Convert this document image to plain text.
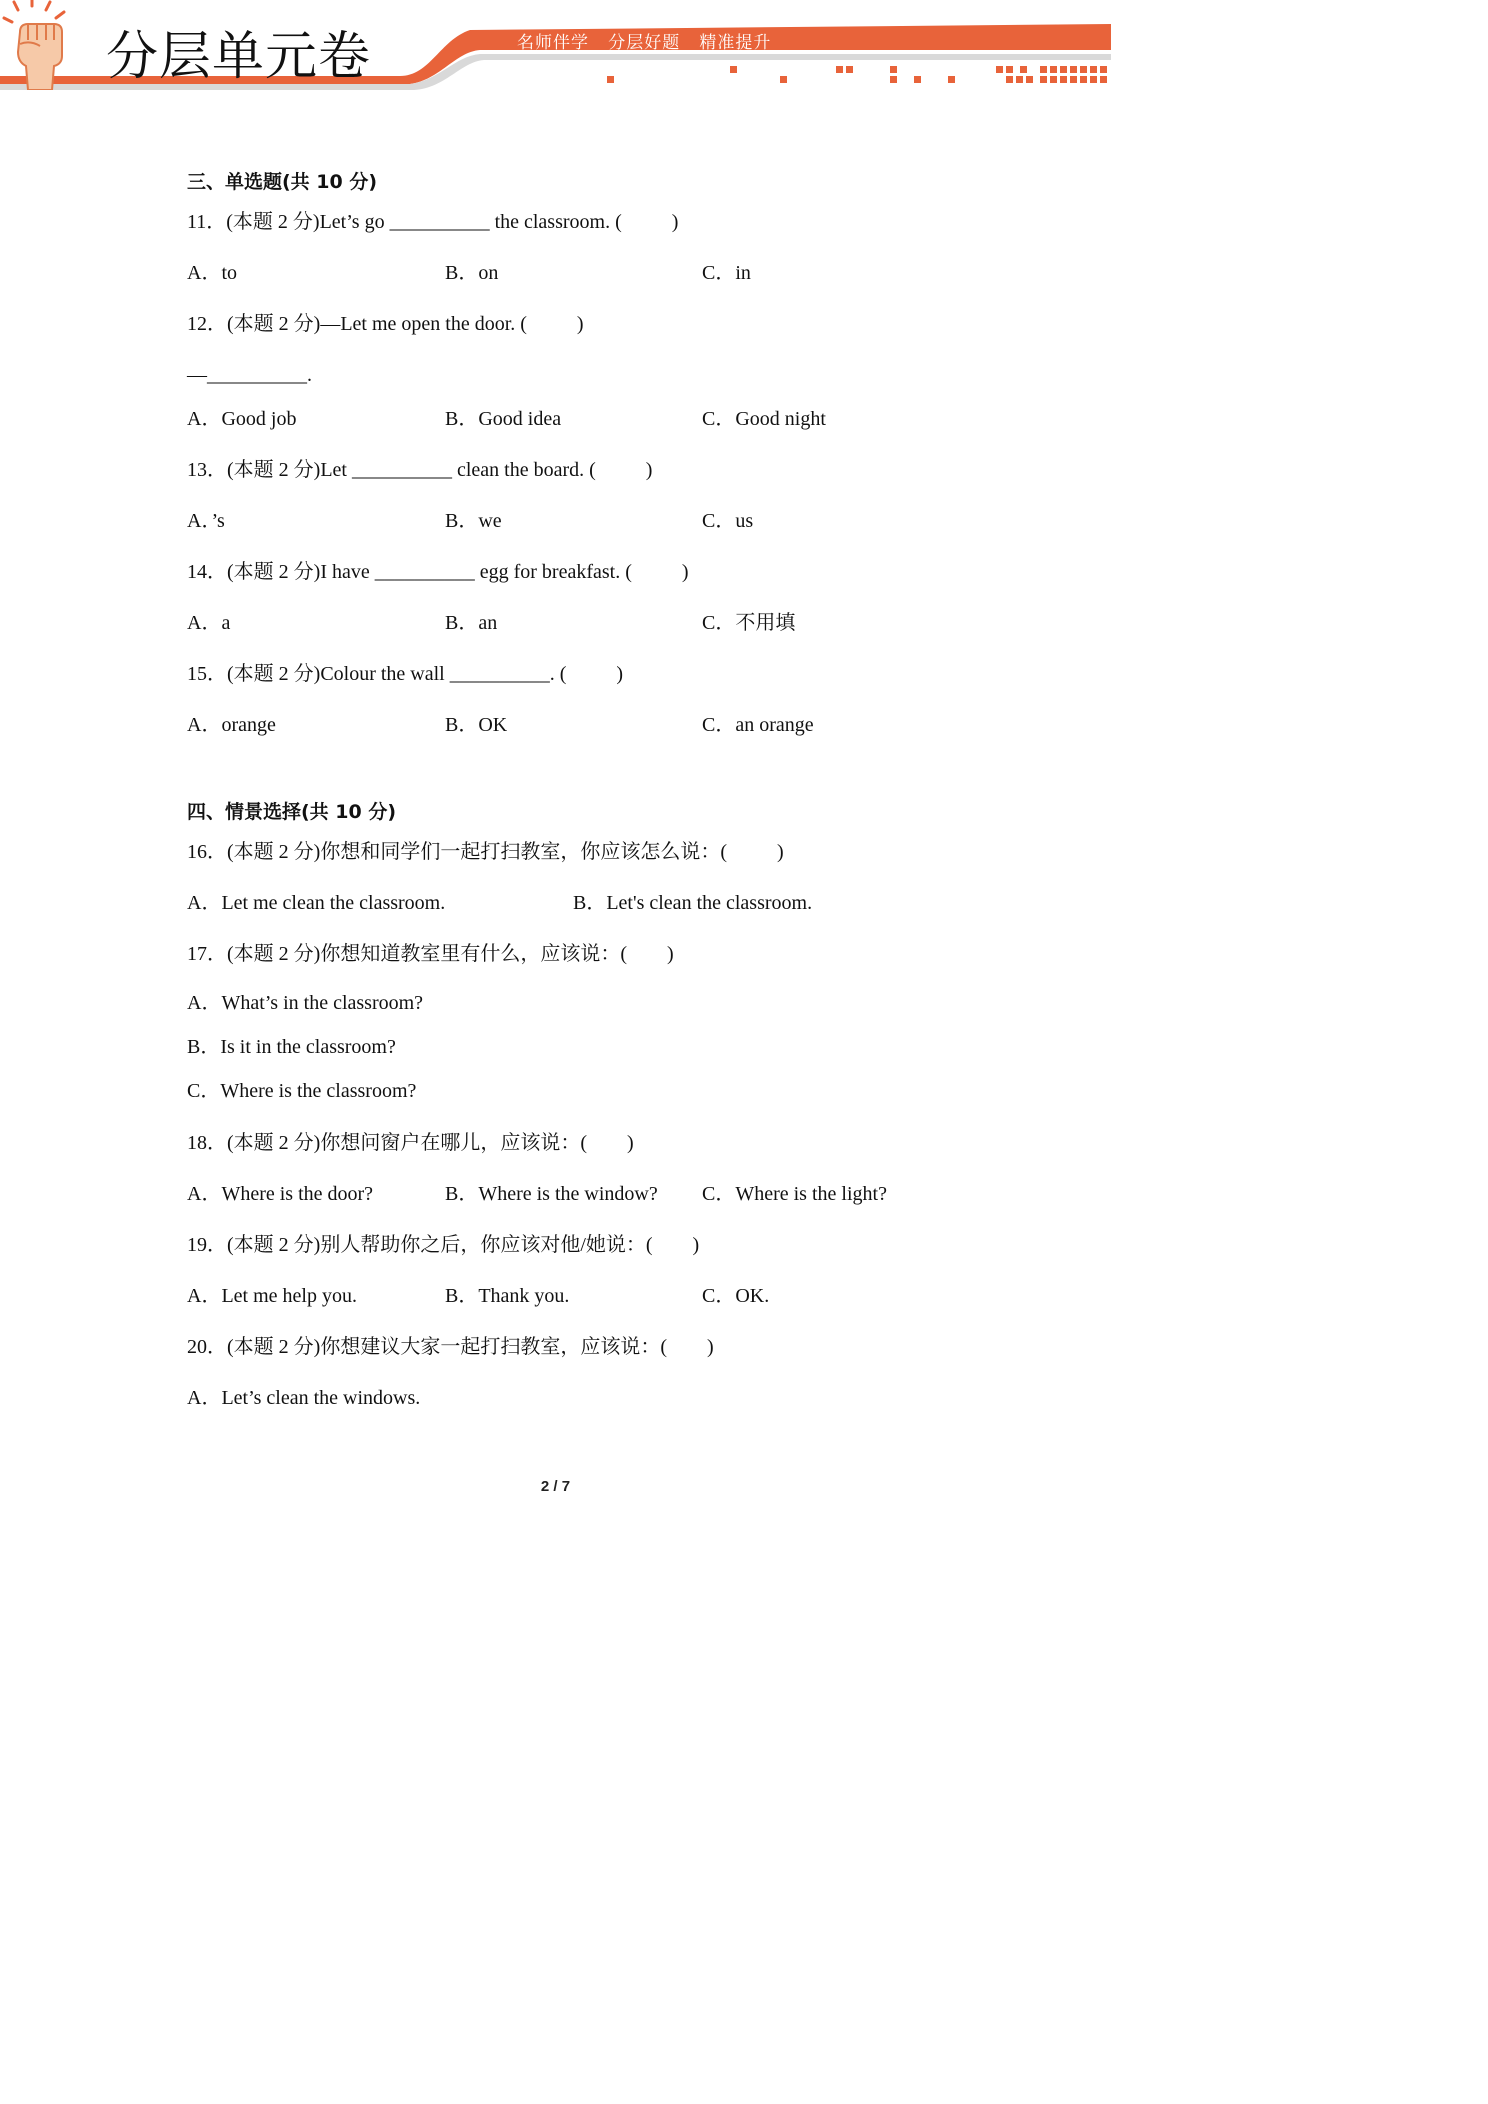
分层单元卷	名师伴学   分层好题   精准提升
三、单选题(共 10 分)
11．(本题 2 分)Let’s go __________ the classroom. (          )
A．to	B．on	C．in
12．(本题 2 分)—Let me open the door. (          )
—__________.
A．Good job	B．Good idea	C．Good night
13．(本题 2 分)Let __________ clean the board. (          )
A．’s	B．we	C．us
14．(本题 2 分)I have __________ egg for breakfast. (          )
A．a	B．an	C．不用填
15．(本题 2 分)Colour the wall __________. (          )
A．orange	B．OK	C．an orange
四、情景选择(共 10 分)
16．(本题 2 分)你想和同学们一起打扫教室，你应该怎么说：(          )
A．Let me clean the classroom.	B．Let's clean the classroom.
17．(本题 2 分)你想知道教室里有什么，应该说：(        )
A．What’s in the classroom?
B．Is it in the classroom?
C．Where is the classroom?
18．(本题 2 分)你想问窗户在哪儿，应该说：(        )
A．Where is the door?	B．Where is the window? C．Where is the light?
19．(本题 2 分)别人帮助你之后，你应该对他/她说：(        )
A．Let me help you.	B．Thank you.	C．OK.
20．(本题 2 分)你想建议大家一起打扫教室，应该说：(        )
A．Let’s clean the windows.
2 / 7
